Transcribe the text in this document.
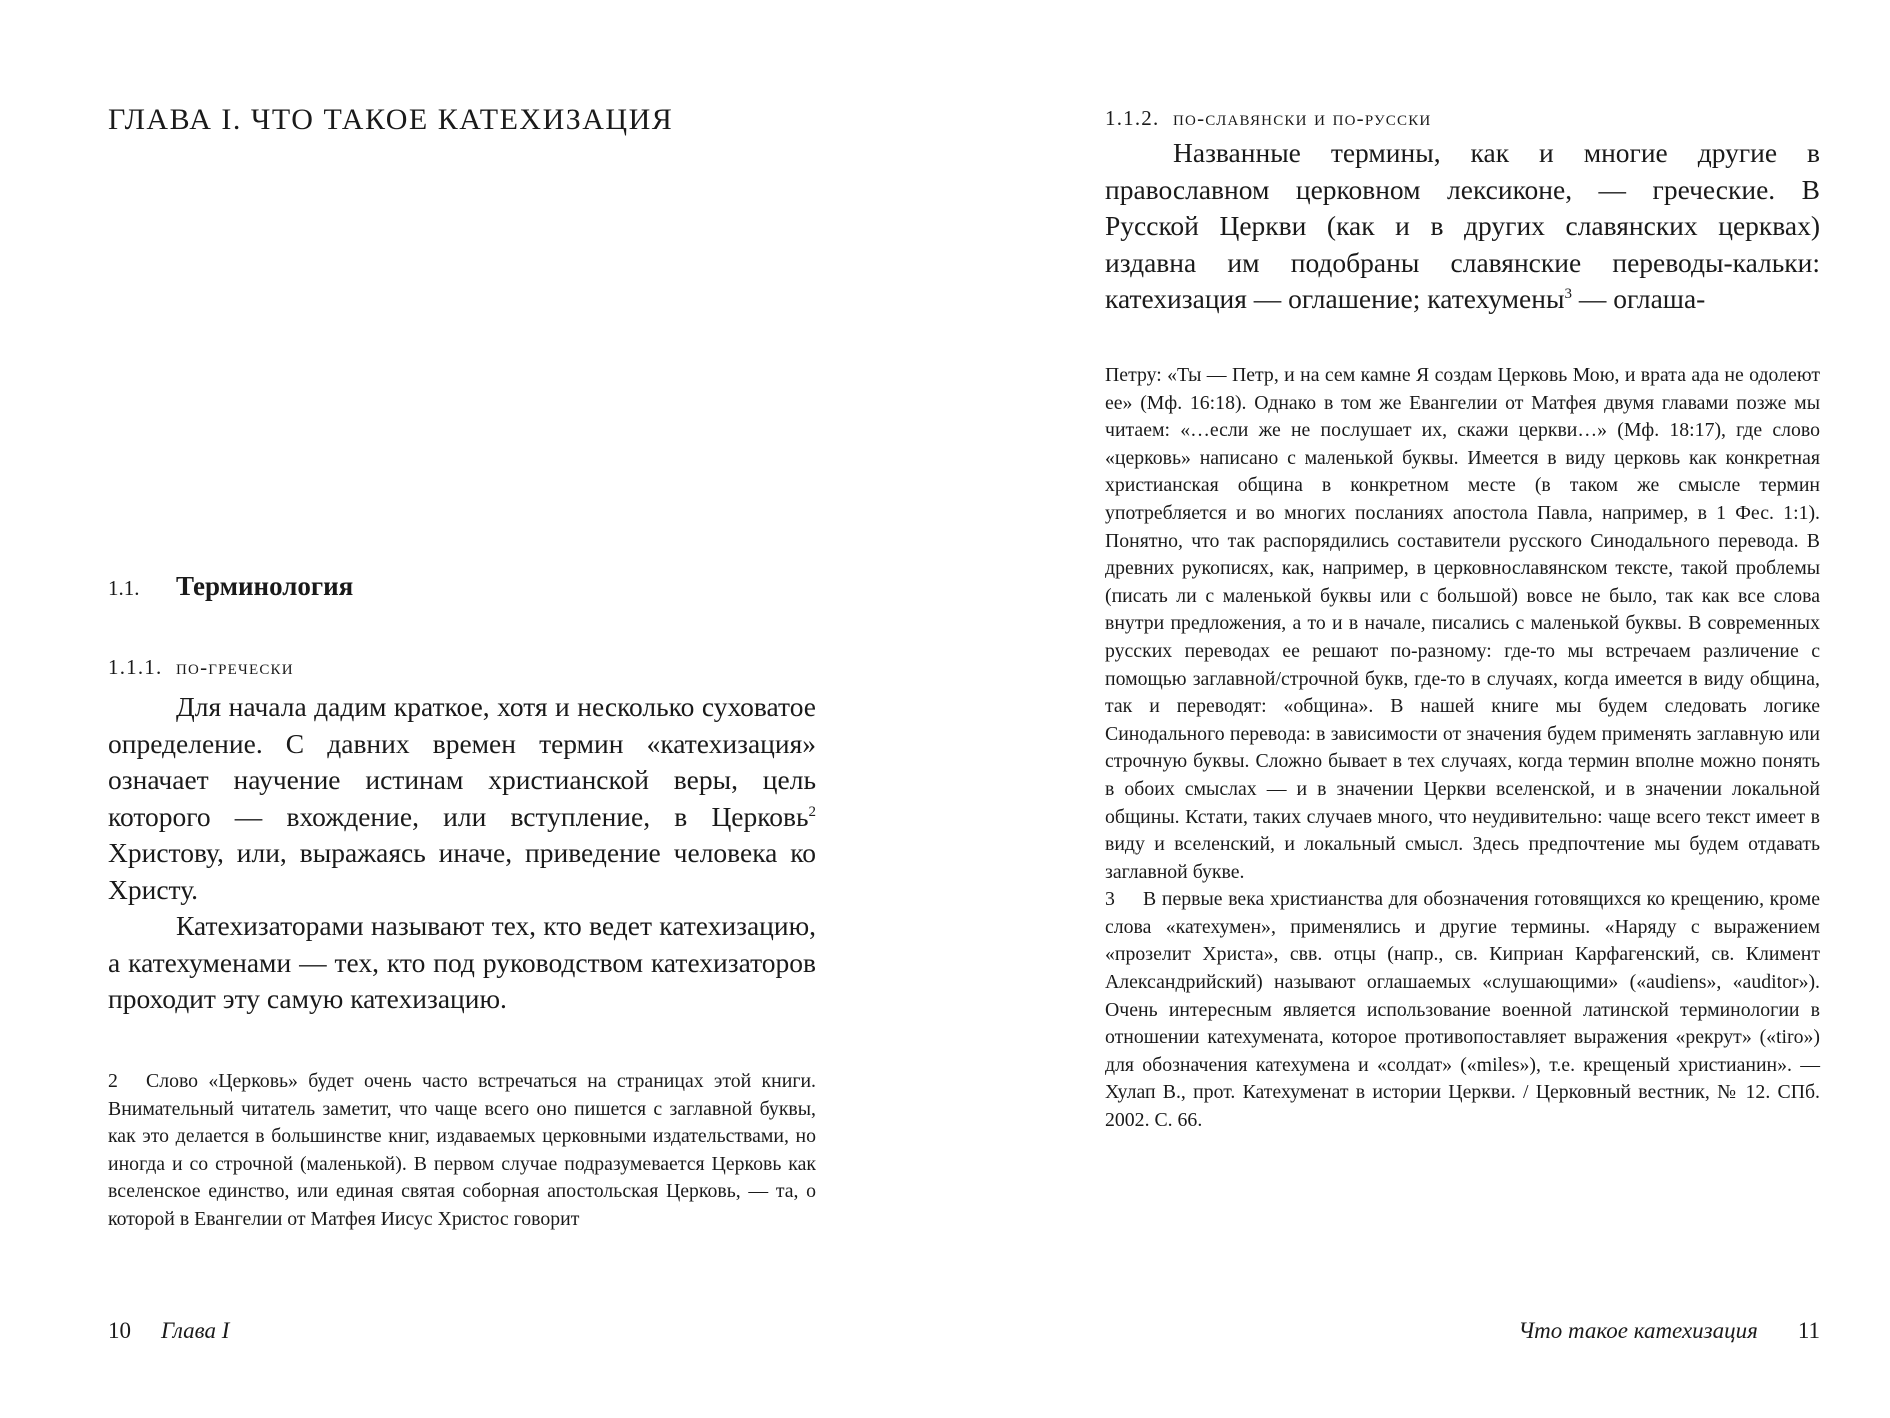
ГЛАВА I. ЧТО ТАКОЕ КАТЕХИЗАЦИЯ
1.1. Терминология
1.1.1. по-гречески

Для начала дадим краткое, хотя и несколько суховатое определение. С давних времен термин «катехизация» означает научение истинам христианской веры, цель которого — вхождение, или вступление, в Церковь$^2$ Христову, или, выражаясь иначе, приведение человека ко Христу.

Катехизаторами называют тех, кто ведет катехизацию, а катехуменами — тех, кто под руководством катехизаторов проходит эту самую катехизацию.

2 Слово «Церковь» будет очень часто встречаться на страницах этой книги. Внимательный читатель заметит, что чаще всего оно пишется с заглавной буквы, как это делается в большинстве книг, издаваемых церковными издательствами, но иногда и со строчной (маленькой). В первом случае подразумевается Церковь как вселенское единство, или единая святая соборная апостольская Церковь, — та, о которой в Евангелии от Матфея Иисус Христос говорит

10 Глава I
1.1.2. по-славянски и по-русски

Названные термины, как и многие другие в православном церковном лексиконе, — греческие. В Русской Церкви (как и в других славянских церквах) издавна им подобраны славянские переводы-кальки: катехизация — оглашение; катехумены$^3$ — оглаша-

Петру: «Ты — Петр, и на сем камне Я создам Церковь Мою, и врата ада не одолеют ее» (Мф. 16:18). Однако в том же Евангелии от Матфея двумя главами позже мы читаем: «…если же не послушает их, скажи церкви…» (Мф. 18:17), где слово «церковь» написано с маленькой буквы. Имеется в виду церковь как конкретная христианская община в конкретном месте (в таком же смысле термин употребляется и во многих посланиях апостола Павла, например, в 1 Фес. 1:1). Понятно, что так распорядились составители русского Синодального перевода. В древних рукописях, как, например, в церковнославянском тексте, такой проблемы (писать ли с маленькой буквы или с большой) вовсе не было, так как все слова внутри предложения, а то и в начале, писались с маленькой буквы. В современных русских переводах ее решают по-разному: где-то мы встречаем различение с помощью заглавной/строчной букв, где-то в случаях, когда имеется в виду община, так и переводят: «община». В нашей книге мы будем следовать логике Синодального перевода: в зависимости от значения будем применять заглавную или строчную буквы. Сложно бывает в тех случаях, когда термин вполне можно понять в обоих смыслах — и в значении Церкви вселенской, и в значении локальной общины. Кстати, таких случаев много, что неудивительно: чаще всего текст имеет в виду и вселенский, и локальный смысл. Здесь предпочтение мы будем отдавать заглавной букве.

3 В первые века христианства для обозначения готовящихся ко крещению, кроме слова «катехумен», применялись и другие термины. «Наряду с выражением «прозелит Христа», свв. отцы (напр., св. Киприан Карфагенский, св. Климент Александрийский) называют оглашаемых «слушающими» («audiens», «auditor»). Очень интересным является использование военной латинской терминологии в отношении катехумената, которое противопоставляет выражения «рекрут» («tiro») для обозначения катехумена и «солдат» («miles»), т.е. крещеный христианин». — Хулап В., прот. Катехуменат в истории Церкви. / Церковный вестник, № 12. СПб. 2002. С. 66.

Что такое катехизация 11
